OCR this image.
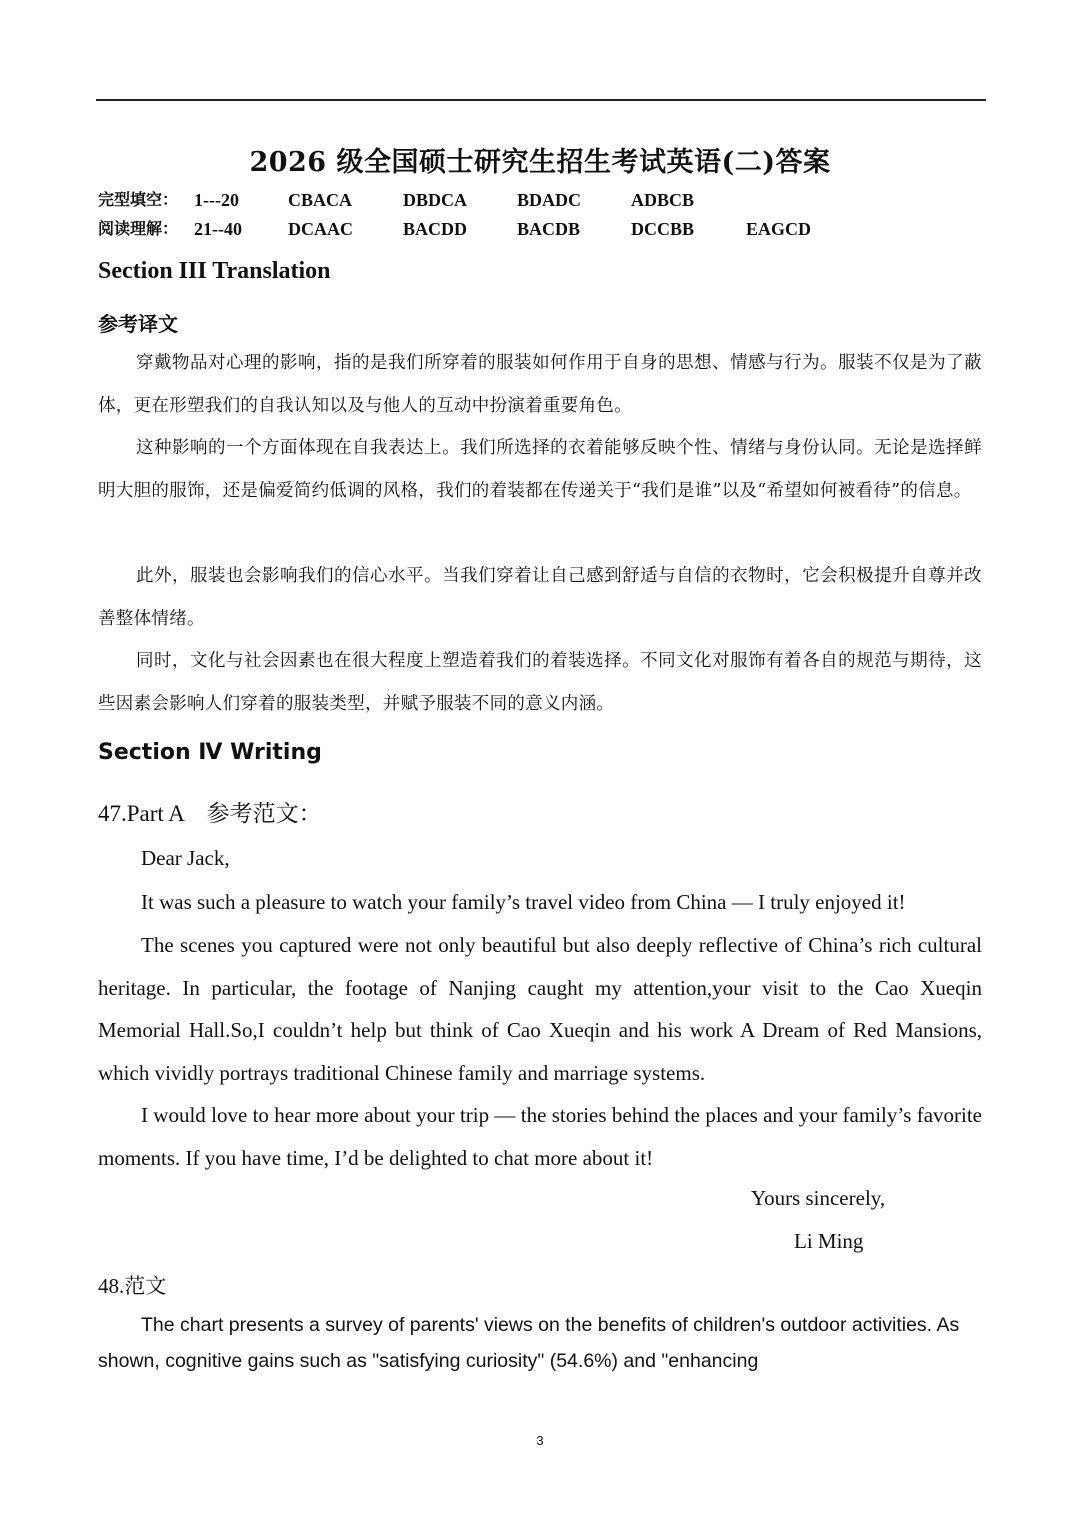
2026 级全国硕士研究生招生考试英语(二)答案
完型填空： 1---20	CBACA	DBDCA	BDADC	ADBCB
阅读理解： 21--40	DCAAC	BACDD	BACDB	DCCBB	EAGCD
Section III Translation
参考译文
穿戴物品对心理的影响，指的是我们所穿着的服装如何作用于自身的思想、情感与行为。服装不仅是为了蔽体，更在形塑我们的自我认知以及与他人的互动中扮演着重要角色。
这种影响的一个方面体现在自我表达上。我们所选择的衣着能够反映个性、情绪与身份认同。无论是选择鲜明大胆的服饰，还是偏爱简约低调的风格，我们的着装都在传递关于“我们是谁”以及“希望如何被看待”的信息。
此外，服装也会影响我们的信心水平。当我们穿着让自己感到舒适与自信的衣物时，它会积极提升自尊并改善整体情绪。
同时，文化与社会因素也在很大程度上塑造着我们的着装选择。不同文化对服饰有着各自的规范与期待，这些因素会影响人们穿着的服装类型，并赋予服装不同的意义内涵。
Section Ⅳ Writing
47.Part A　参考范文：
Dear Jack,
It was such a pleasure to watch your family’s travel video from China — I truly enjoyed it!
The scenes you captured were not only beautiful but also deeply reflective of China’s rich cultural heritage. In particular, the footage of Nanjing caught my attention,your visit to the Cao Xueqin Memorial Hall.So,I couldn’t help but think of Cao Xueqin and his work A Dream of Red Mansions, which vividly portrays traditional Chinese family and marriage systems.
I would love to hear more about your trip — the stories behind the places and your family’s favorite moments. If you have time, I’d be delighted to chat more about it!
Yours sincerely,
Li Ming
48.范文
The chart presents a survey of parents' views on the benefits of children's outdoor activities. As shown, cognitive gains such as "satisfying curiosity" (54.6%) and "enhancing
3
